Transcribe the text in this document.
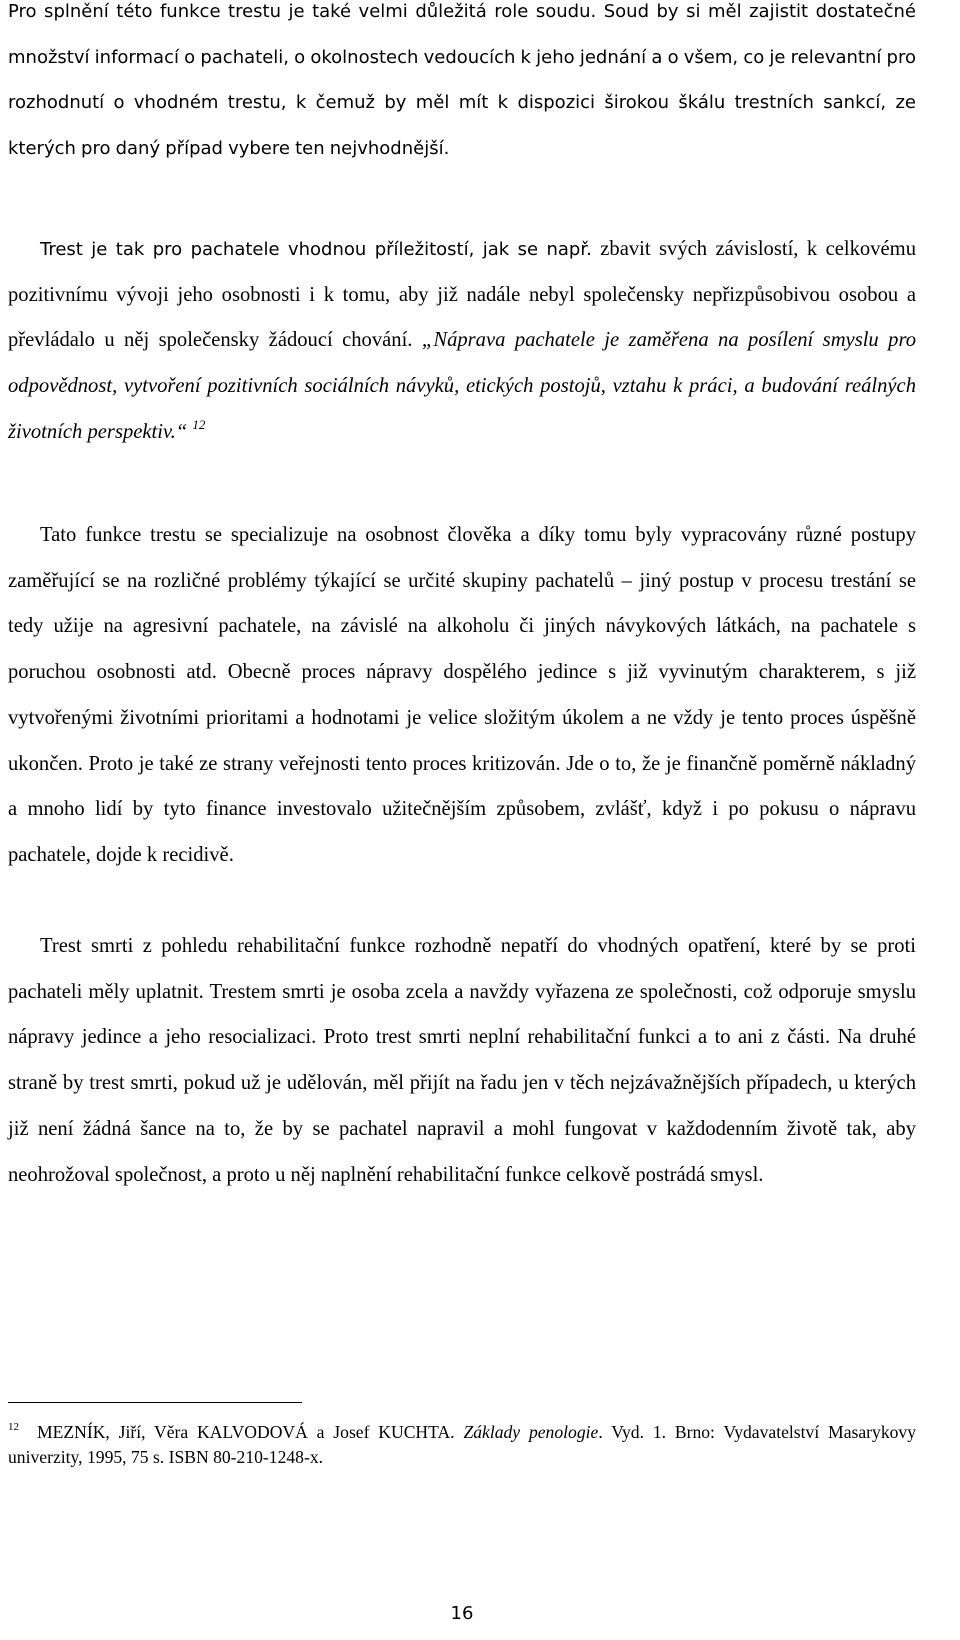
Pro splnění této funkce trestu je také velmi důležitá role soudu. Soud by si měl zajistit dostatečné množství informací o pachateli, o okolnostech vedoucích k jeho jednání a o všem, co je relevantní pro rozhodnutí o vhodném trestu, k čemuž by měl mít k dispozici širokou škálu trestních sankcí, ze kterých pro daný případ vybere ten nejvhodnější.

Trest je tak pro pachatele vhodnou příležitostí, jak se např. zbavit svých závislostí, k celkovému pozitivnímu vývoji jeho osobnosti i k tomu, aby již nadále nebyl společensky nepřizpůsobivou osobou a převládalo u něj společensky žádoucí chování. „Náprava pachatele je zaměřena na posílení smyslu pro odpovědnost, vytvoření pozitivních sociálních návyků, etických postojů, vztahu k práci, a budování reálných životních perspektiv.“ $^{12}$

Tato funkce trestu se specializuje na osobnost člověka a díky tomu byly vypracovány různé postupy zaměřující se na rozličné problémy týkající se určité skupiny pachatelů – jiný postup v procesu trestání se tedy užije na agresivní pachatele, na závislé na alkoholu či jiných návykových látkách, na pachatele s poruchou osobnosti atd. Obecně proces nápravy dospělého jedince s již vyvinutým charakterem, s již vytvořenými životními prioritami a hodnotami je velice složitým úkolem a ne vždy je tento proces úspěšně ukončen. Proto je také ze strany veřejnosti tento proces kritizován. Jde o to, že je finančně poměrně nákladný a mnoho lidí by tyto finance investovalo užitečnějším způsobem, zvlášť, když i po pokusu o nápravu pachatele, dojde k recidivě.

Trest smrti z pohledu rehabilitační funkce rozhodně nepatří do vhodných opatření, které by se proti pachateli měly uplatnit. Trestem smrti je osoba zcela a navždy vyřazena ze společnosti, což odporuje smyslu nápravy jedince a jeho resocializaci. Proto trest smrti neplní rehabilitační funkci a to ani z části. Na druhé straně by trest smrti, pokud už je udělován, měl přijít na řadu jen v těch nejzávažnějších případech, u kterých již není žádná šance na to, že by se pachatel napravil a mohl fungovat v každodenním životě tak, aby neohrožoval společnost, a proto u něj naplnění rehabilitační funkce celkově postrádá smysl.

$^{12}$ MEZNÍK, Jiří, Věra KALVODOVÁ a Josef KUCHTA. Základy penologie. Vyd. 1. Brno: Vydavatelství Masarykovy univerzity, 1995, 75 s. ISBN 80-210-1248-x.

16
